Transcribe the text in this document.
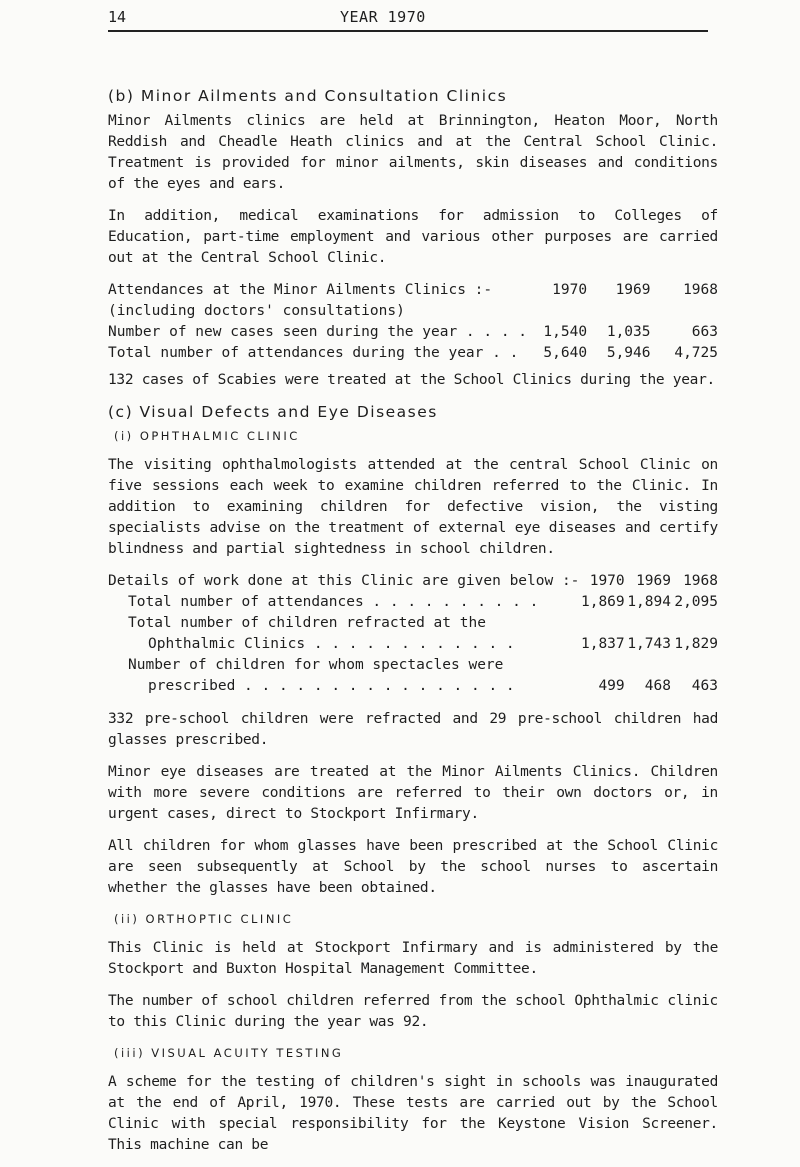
14	YEAR 1970
(b) Minor Ailments and Consultation Clinics

Minor Ailments clinics are held at Brinnington, Heaton Moor, North Reddish and Cheadle Heath clinics and at the Central School Clinic. Treatment is provided for minor ailments, skin diseases and conditions of the eyes and ears.

In addition, medical examinations for admission to Colleges of Education, part-time employment and various other purposes are carried out at the Central School Clinic.

Attendances at the Minor Ailments Clinics :-	1970	1969	1968
(including doctors' consultations)			
Number of new cases seen during the year . . . .	1,540	1,035	663
Total number of attendances during the year . .	5,640	5,946	4,725

132 cases of Scabies were treated at the School Clinics during the year.

(c) Visual Defects and Eye Diseases
(i) OPHTHALMIC CLINIC

The visiting ophthalmologists attended at the central School Clinic on five sessions each week to examine children referred to the Clinic. In addition to examining children for defective vision, the visting specialists advise on the treatment of external eye diseases and certify blindness and partial sightedness in school children.

Details of work done at this Clinic are given below :-	1970	1969	1968
Total number of attendances . . . . . . . . . .	1,869	1,894	2,095
Total number of children refracted at the			
Ophthalmic Clinics . . . . . . . . . . . .	1,837	1,743	1,829
Number of children for whom spectacles were			
prescribed . . . . . . . . . . . . . . . .	499	468	463

332 pre-school children were refracted and 29 pre-school children had glasses prescribed.

Minor eye diseases are treated at the Minor Ailments Clinics. Children with more severe conditions are referred to their own doctors or, in urgent cases, direct to Stockport Infirmary.

All children for whom glasses have been prescribed at the School Clinic are seen subsequently at School by the school nurses to ascertain whether the glasses have been obtained.

(ii) ORTHOPTIC CLINIC

This Clinic is held at Stockport Infirmary and is administered by the Stockport and Buxton Hospital Management Committee.

The number of school children referred from the school Ophthalmic clinic to this Clinic during the year was 92.

(iii) VISUAL ACUITY TESTING

A scheme for the testing of children's sight in schools was inaugurated at the end of April, 1970. These tests are carried out by the School Clinic with special responsibility for the Keystone Vision Screener. This machine can be
